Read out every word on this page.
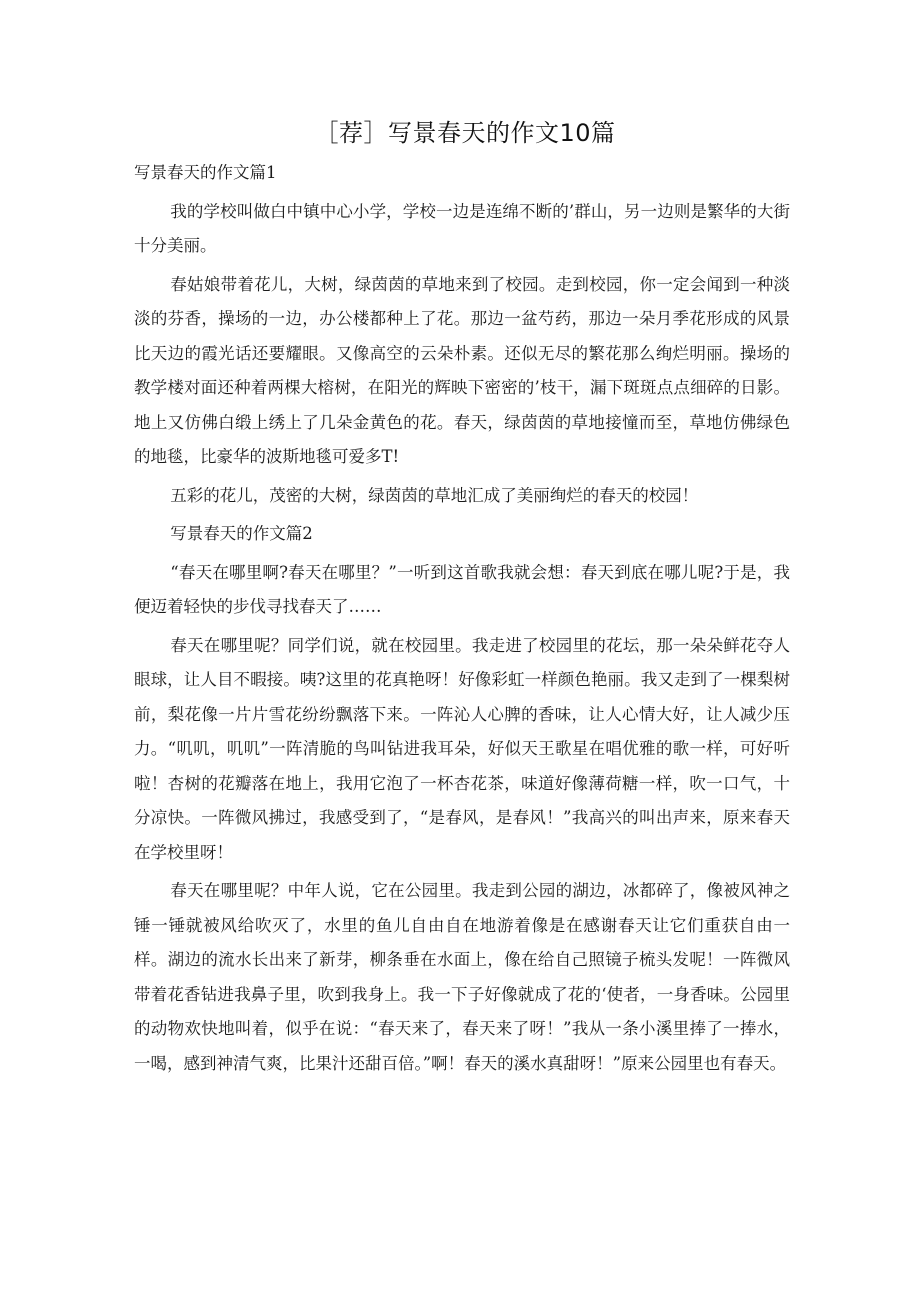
［荐］写景春天的作文10篇

写景春天的作文篇1

我的学校叫做白中镇中心小学，学校一边是连绵不断的’群山，另一边则是繁华的大街十分美丽。

春姑娘带着花儿，大树，绿茵茵的草地来到了校园。走到校园，你一定会闻到一种淡淡的芬香，操场的一边，办公楼都种上了花。那边一盆芍药，那边一朵月季花形成的风景比天边的霞光话还要耀眼。又像高空的云朵朴素。还似无尽的繁花那么绚烂明丽。操场的教学楼对面还种着两棵大榕树，在阳光的辉映下密密的’枝干，漏下斑斑点点细碎的日影。地上又仿佛白缎上绣上了几朵金黄色的花。春天，绿茵茵的草地接憧而至，草地仿佛绿色的地毯，比豪华的波斯地毯可爱多T!

五彩的花儿，茂密的大树，绿茵茵的草地汇成了美丽绚烂的春天的校园！

写景春天的作文篇2

“春天在哪里啊?春天在哪里？”一听到这首歌我就会想：春天到底在哪儿呢?于是，我便迈着轻快的步伐寻找春天了……

春天在哪里呢？同学们说，就在校园里。我走进了校园里的花坛，那一朵朵鲜花夺人眼球，让人目不暇接。咦?这里的花真艳呀！好像彩虹一样颜色艳丽。我又走到了一棵梨树前，梨花像一片片雪花纷纷飘落下来。一阵沁人心脾的香味，让人心情大好，让人减少压力。“叽叽，叽叽”一阵清脆的鸟叫钻进我耳朵，好似天王歌星在唱优雅的歌一样，可好听啦！杏树的花瓣落在地上，我用它泡了一杯杏花茶，味道好像薄荷糖一样，吹一口气，十分凉快。一阵微风拂过，我感受到了，“是春风，是春风！”我高兴的叫出声来，原来春天在学校里呀！

春天在哪里呢？中年人说，它在公园里。我走到公园的湖边，冰都碎了，像被风神之锤一锤就被风给吹灭了，水里的鱼儿自由自在地游着像是在感谢春天让它们重获自由一样。湖边的流水长出来了新芽，柳条垂在水面上，像在给自己照镜子梳头发呢！一阵微风带着花香钻进我鼻子里，吹到我身上。我一下子好像就成了花的‘使者，一身香味。公园里的动物欢快地叫着，似乎在说：“春天来了，春天来了呀！”我从一条小溪里捧了一捧水，一喝，感到神清气爽，比果汁还甜百倍。”啊！春天的溪水真甜呀！”原来公园里也有春天。
